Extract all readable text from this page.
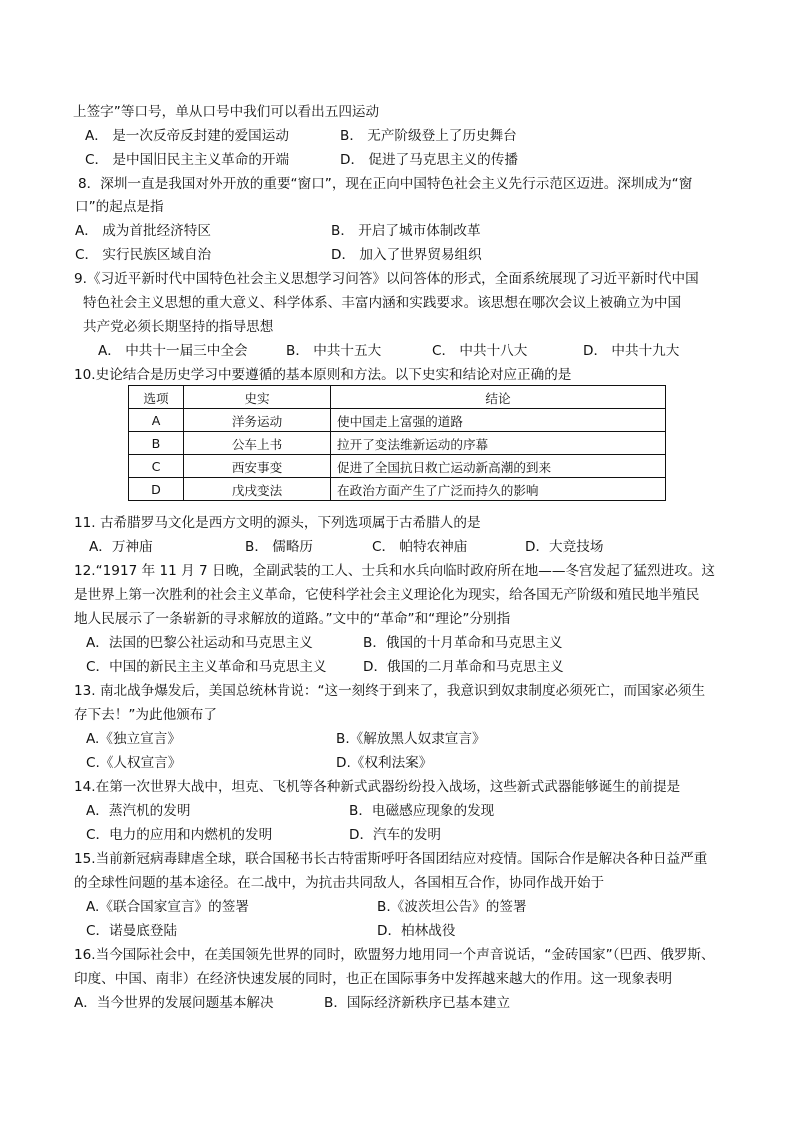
上签字”等口号，单从口号中我们可以看出五四运动
A． 是一次反帝反封建的爱国运动	B． 无产阶级登上了历史舞台
C． 是中国旧民主主义革命的开端	D． 促进了马克思主义的传播
8．深圳一直是我国对外开放的重要“窗口”，现在正向中国特色社会主义先行示范区迈进。深圳成为“窗
口”的起点是指
A． 成为首批经济特区	B． 开启了城市体制改革
C． 实行民族区域自治	D． 加入了世界贸易组织
9.《习近平新时代中国特色社会主义思想学习问答》以问答体的形式，全面系统展现了习近平新时代中国
特色社会主义思想的重大意义、科学体系、丰富内涵和实践要求。该思想在哪次会议上被确立为中国
共产党必须长期坚持的指导思想
A． 中共十一届三中全会	B． 中共十五大	C． 中共十八大	D． 中共十九大
10.史论结合是历史学习中要遵循的基本原则和方法。以下史实和结论对应正确的是
选项	史实	结论
A	洋务运动	使中国走上富强的道路
B	公车上书	拉开了变法维新运动的序幕
C	西安事变	促进了全国抗日救亡运动新高潮的到来
D	戊戌变法	在政治方面产生了广泛而持久的影响
11. 古希腊罗马文化是西方文明的源头，下列选项属于古希腊人的是
A．万神庙	B． 儒略历	C． 帕特农神庙	D．大竞技场
12.“1917 年 11 月 7 日晚，全副武装的工人、士兵和水兵向临时政府所在地——冬宫发起了猛烈进攻。这
是世界上第一次胜利的社会主义革命，它使科学社会主义理论化为现实，给各国无产阶级和殖民地半殖民
地人民展示了一条崭新的寻求解放的道路。”文中的“革命”和“理论”分别指
A．法国的巴黎公社运动和马克思主义	B．俄国的十月革命和马克思主义
C．中国的新民主主义革命和马克思主义	D．俄国的二月革命和马克思主义
13. 南北战争爆发后，美国总统林肯说：“这一刻终于到来了，我意识到奴隶制度必须死亡，而国家必须生
存下去！”为此他颁布了
A.《独立宣言》	B.《解放黑人奴隶宣言》
C.《人权宣言》	D.《权利法案》
14.在第一次世界大战中，坦克、飞机等各种新式武器纷纷投入战场，这些新式武器能够诞生的前提是
A．蒸汽机的发明	B．电磁感应现象的发现
C．电力的应用和内燃机的发明	D．汽车的发明
15.当前新冠病毒肆虐全球，联合国秘书长古特雷斯呼吁各国团结应对疫情。国际合作是解决各种日益严重
的全球性问题的基本途径。在二战中，为抗击共同敌人，各国相互合作，协同作战开始于
A.《联合国家宣言》的签署	B.《波茨坦公告》的签署
C．诺曼底登陆	D．柏林战役
16.当今国际社会中，在美国领先世界的同时，欧盟努力地用同一个声音说话，“金砖国家”（巴西、俄罗斯、
印度、中国、南非）在经济快速发展的同时，也正在国际事务中发挥越来越大的作用。这一现象表明
A．当今世界的发展问题基本解决	B．国际经济新秩序已基本建立
